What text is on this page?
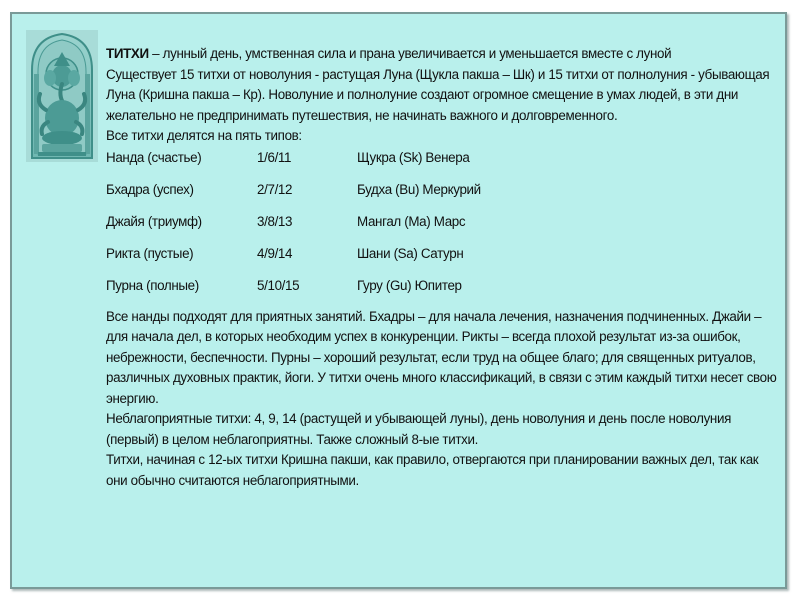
ТИТХИ – лунный день, умственная сила и прана увеличивается и уменьшается вместе с луной

Существует 15 титхи от новолуния - растущая Луна (Щукла пакша – Шк) и 15 титхи от полнолуния - убывающая Луна (Кришна пакша – Кр). Новолуние и полнолуние создают огромное смещение в умах людей, в эти дни желательно не предпринимать путешествия, не начинать важного и долговременного.

Все титхи делятся на пять типов:

Нанда (счастье)	1/6/11	Щукра (Sk) Венера
Бхадра (успех)	2/7/12	Будха (Bu) Меркурий
Джайя (триумф)	3/8/13	Мангал (Ma) Марс
Рикта (пустые)	4/9/14	Шани (Sa) Сатурн
Пурна (полные)	5/10/15	Гуру (Gu) Юпитер

Все нанды подходят для приятных занятий. Бхадры – для начала лечения, назначения подчиненных. Джайи – для начала дел, в которых необходим успех в конкуренции. Рикты – всегда плохой результат из-за ошибок, небрежности, беспечности. Пурны – хороший результат, если труд на общее благо; для священных ритуалов, различных духовных практик, йоги. У титхи очень много классификаций, в связи с этим каждый титхи несет свою энергию.

Неблагоприятные титхи: 4, 9, 14 (растущей и убывающей луны), день новолуния и день после новолуния (первый) в целом неблагоприятны. Также сложный 8-ые титхи.

Титхи, начиная с 12-ых титхи Кришна пакши, как правило, отвергаются при планировании важных дел, так как они обычно считаются неблагоприятными.
